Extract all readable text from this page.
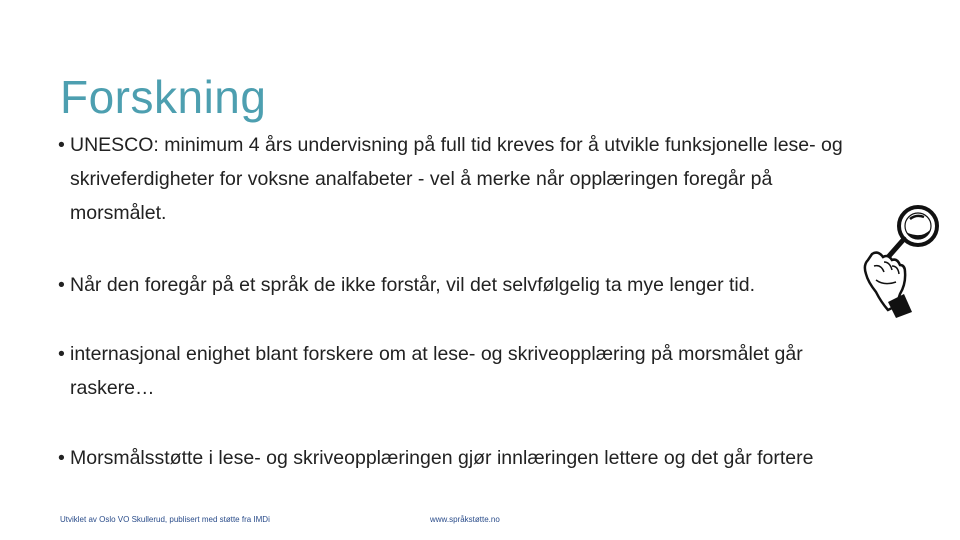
Forskning
• UNESCO: minimum 4 års undervisning på full tid kreves for å utvikle funksjonelle lese- og
skriveferdigheter for voksne analfabeter - vel å merke når opplæringen foregår på
morsmålet.
• Når den foregår på et språk de ikke forstår, vil det selvfølgelig ta mye lenger tid.
• internasjonal enighet blant forskere om at lese- og skriveopplæring på morsmålet går
raskere…
• Morsmålsstøtte i lese- og skriveopplæringen gjør innlæringen lettere og det går fortere
Utviklet av Oslo VO Skullerud, publisert med støtte fra IMDi	www.språkstøtte.no
